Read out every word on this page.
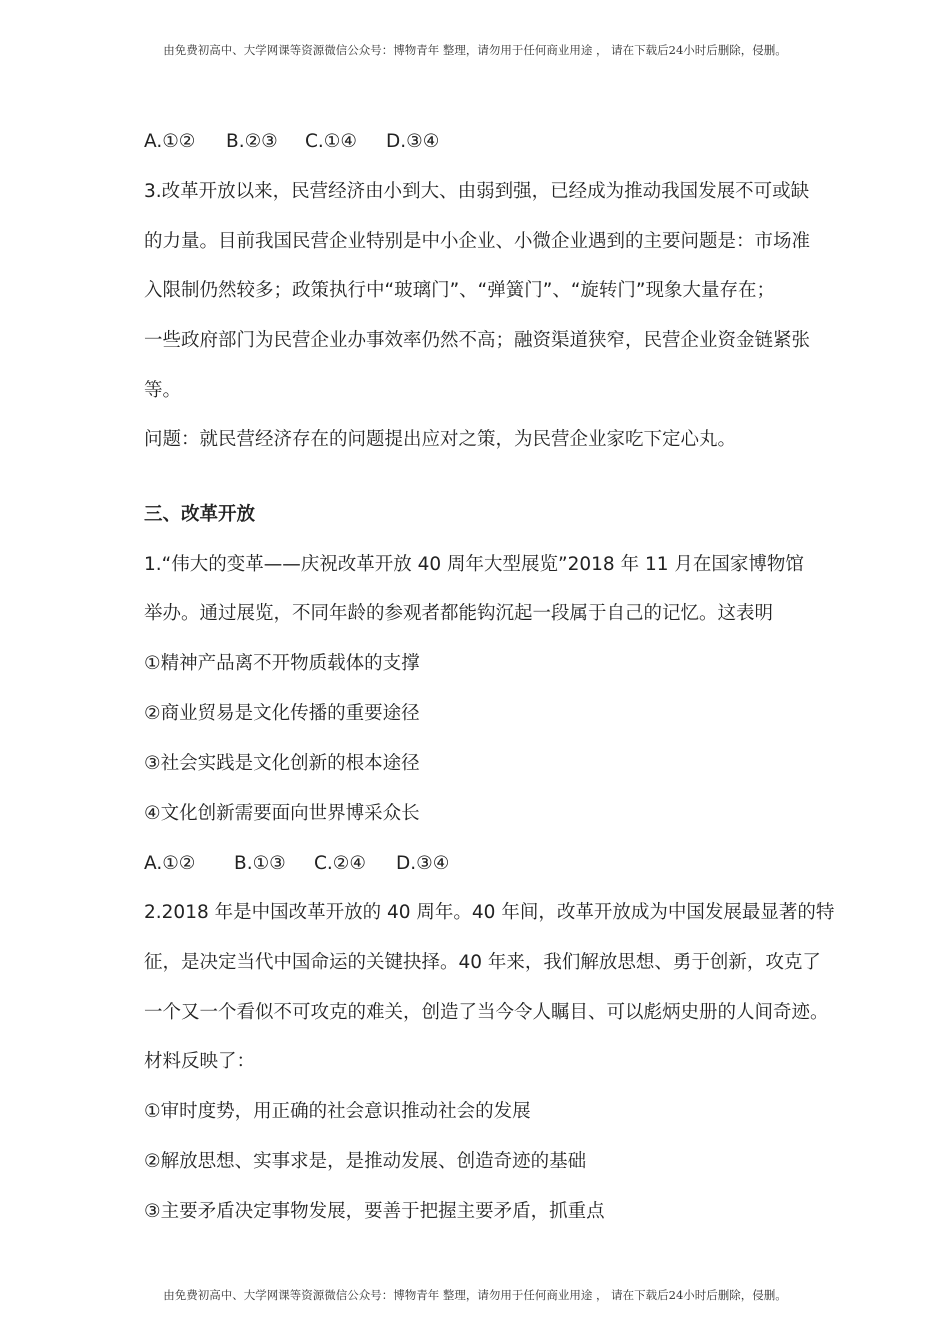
由免费初高中、大学网课等资源微信公众号：博物青年 整理，请勿用于任何商业用途 ， 请在下载后24小时后删除，侵删。
A.①②	B.②③	C.①④	D.③④
3.改革开放以来，民营经济由小到大、由弱到强，已经成为推动我国发展不可或缺
的力量。目前我国民营企业特别是中小企业、小微企业遇到的主要问题是：市场准
入限制仍然较多；政策执行中“玻璃门”、“弹簧门”、“旋转门”现象大量存在；
一些政府部门为民营企业办事效率仍然不高；融资渠道狭窄，民营企业资金链紧张
等。
问题：就民营经济存在的问题提出应对之策，为民营企业家吃下定心丸。
三、改革开放
1.“伟大的变革——庆祝改革开放 40 周年大型展览”2018 年 11 月在国家博物馆
举办。通过展览，不同年龄的参观者都能钩沉起一段属于自己的记忆。这表明
①精神产品离不开物质载体的支撑
②商业贸易是文化传播的重要途径
③社会实践是文化创新的根本途径
④文化创新需要面向世界博采众长
A.①②	B.①③	C.②④	D.③④
2.2018 年是中国改革开放的 40 周年。40 年间，改革开放成为中国发展最显著的特
征，是决定当代中国命运的关键抉择。40 年来，我们解放思想、勇于创新，攻克了
一个又一个看似不可攻克的难关，创造了当今令人瞩目、可以彪炳史册的人间奇迹。
材料反映了：
①审时度势，用正确的社会意识推动社会的发展
②解放思想、实事求是，是推动发展、创造奇迹的基础
③主要矛盾决定事物发展，要善于把握主要矛盾，抓重点
由免费初高中、大学网课等资源微信公众号：博物青年 整理，请勿用于任何商业用途 ， 请在下载后24小时后删除，侵删。
